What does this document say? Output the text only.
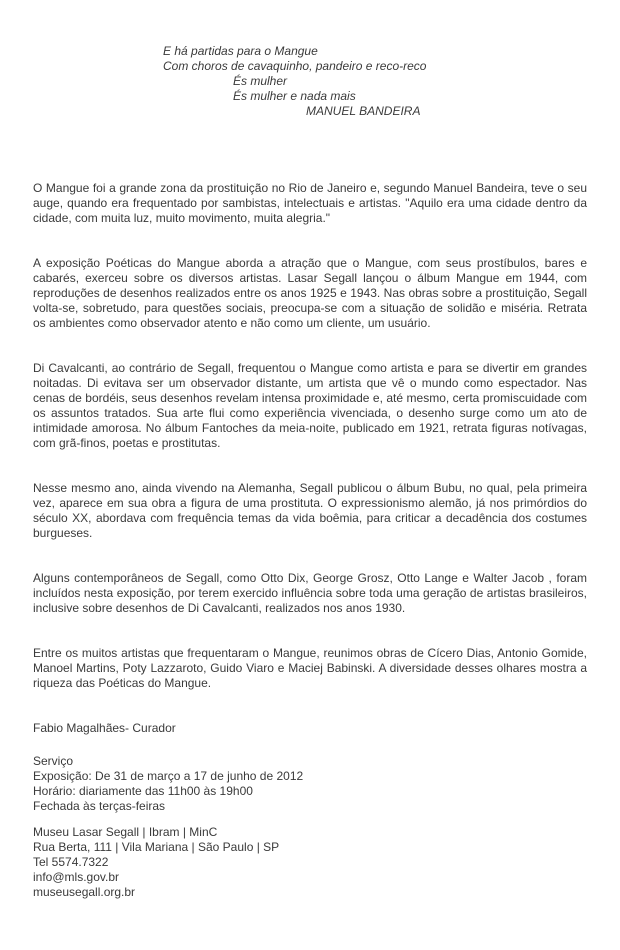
E há partidas para o Mangue
Com choros de cavaquinho, pandeiro e reco-reco
És mulher
És mulher e nada mais
MANUEL BANDEIRA

O Mangue foi a grande zona da prostituição no Rio de Janeiro e, segundo Manuel Bandeira, teve o seu auge, quando era frequentado por sambistas, intelectuais e artistas. "Aquilo era uma cidade dentro da cidade, com muita luz, muito movimento, muita alegria."

A exposição Poéticas do Mangue aborda a atração que o Mangue, com seus prostíbulos, bares e cabarés, exerceu sobre os diversos artistas. Lasar Segall lançou o álbum Mangue em 1944, com reproduções de desenhos realizados entre os anos 1925 e 1943. Nas obras sobre a prostituição, Segall volta-se, sobretudo, para questões sociais, preocupa-se com a situação de solidão e miséria. Retrata os ambientes como observador atento e não como um cliente, um usuário.

Di Cavalcanti, ao contrário de Segall, frequentou o Mangue como artista e para se divertir em grandes noitadas. Di evitava ser um observador distante, um artista que vê o mundo como espectador. Nas cenas de bordéis, seus desenhos revelam intensa proximidade e, até mesmo, certa promiscuidade com os assuntos tratados. Sua arte flui como experiência vivenciada, o desenho surge como um ato de intimidade amorosa. No álbum Fantoches da meia-noite, publicado em 1921, retrata figuras notívagas, com grã-finos, poetas e prostitutas.

Nesse mesmo ano, ainda vivendo na Alemanha, Segall publicou o álbum Bubu, no qual, pela primeira vez, aparece em sua obra a figura de uma prostituta. O expressionismo alemão, já nos primórdios do século XX, abordava com frequência temas da vida boêmia, para criticar a decadência dos costumes burgueses.

Alguns contemporâneos de Segall, como Otto Dix, George Grosz, Otto Lange e Walter Jacob , foram incluídos nesta exposição, por terem exercido influência sobre toda uma geração de artistas brasileiros, inclusive sobre desenhos de Di Cavalcanti, realizados nos anos 1930.

Entre os muitos artistas que frequentaram o Mangue, reunimos obras de Cícero Dias, Antonio Gomide, Manoel Martins, Poty Lazzaroto, Guido Viaro e Maciej Babinski. A diversidade desses olhares mostra a riqueza das Poéticas do Mangue.

Fabio Magalhães- Curador

Serviço
Exposição: De 31 de março a 17 de junho de 2012
Horário: diariamente das 11h00 às 19h00
Fechada às terças-feiras

Museu Lasar Segall | Ibram | MinC
Rua Berta, 111 | Vila Mariana | São Paulo | SP
Tel 5574.7322
info@mls.gov.br
museusegall.org.br
